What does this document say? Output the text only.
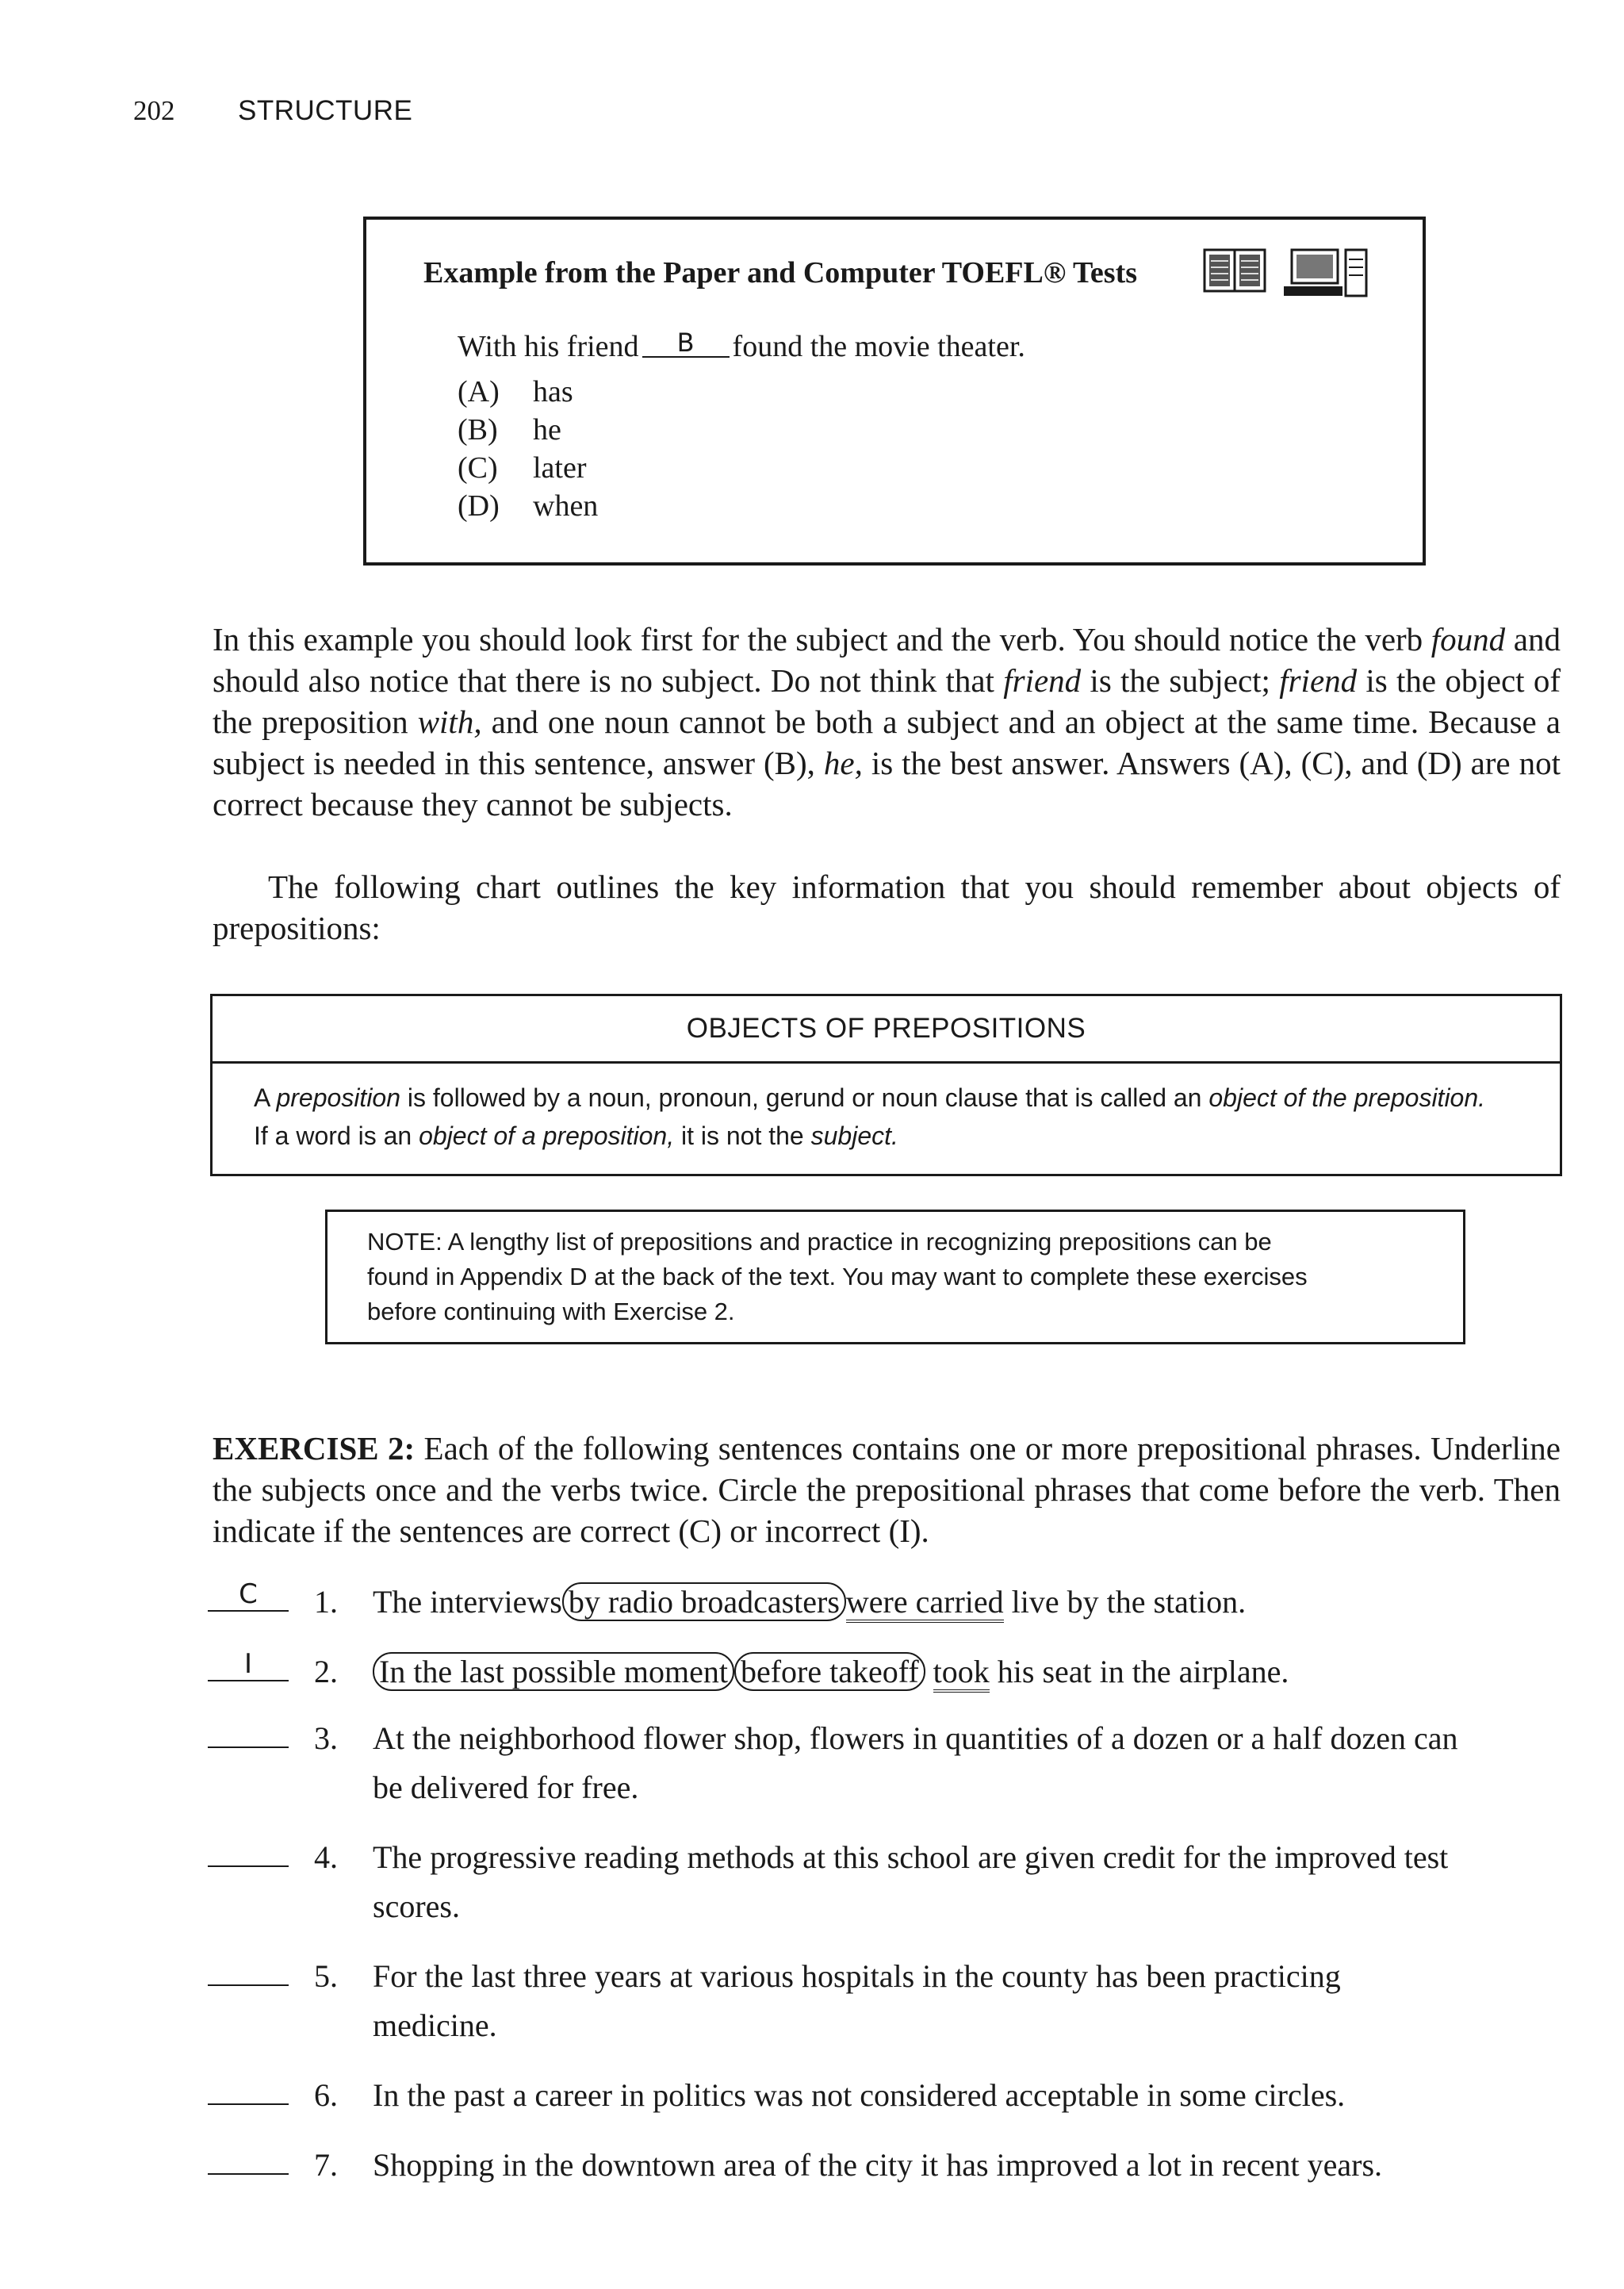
202 STRUCTURE
Example from the Paper and Computer TOEFL® Tests
With his friend B found the movie theater.
(A) has
(B) he
(C) later
(D) when

In this example you should look first for the subject and the verb. You should notice the verb found and should also notice that there is no subject. Do not think that friend is the subject; friend is the object of the preposition with, and one noun cannot be both a subject and an object at the same time. Because a subject is needed in this sentence, answer (B), he, is the best answer. Answers (A), (C), and (D) are not correct because they cannot be subjects.

The following chart outlines the key information that you should remember about objects of prepositions:

OBJECTS OF PREPOSITIONS
A preposition is followed by a noun, pronoun, gerund or noun clause that is called an object of the preposition.
If a word is an object of a preposition, it is not the subject.
NOTE: A lengthy list of prepositions and practice in recognizing prepositions can be
found in Appendix D at the back of the text. You may want to complete these exercises
before continuing with Exercise 2.

EXERCISE 2: Each of the following sentences contains one or more prepositional phrases. Underline the subjects once and the verbs twice. Circle the prepositional phrases that come before the verb. Then indicate if the sentences are correct (C) or incorrect (I).

C	1. The interviews by radio broadcasters were carried live by the station.
I	2. In the last possible moment before takeoff took his seat in the airplane.
3. At the neighborhood flower shop, flowers in quantities of a dozen or a half dozen can
be delivered for free.
4. The progressive reading methods at this school are given credit for the improved test
scores.
5. For the last three years at various hospitals in the county has been practicing
medicine.
6. In the past a career in politics was not considered acceptable in some circles.
7. Shopping in the downtown area of the city it has improved a lot in recent years.
